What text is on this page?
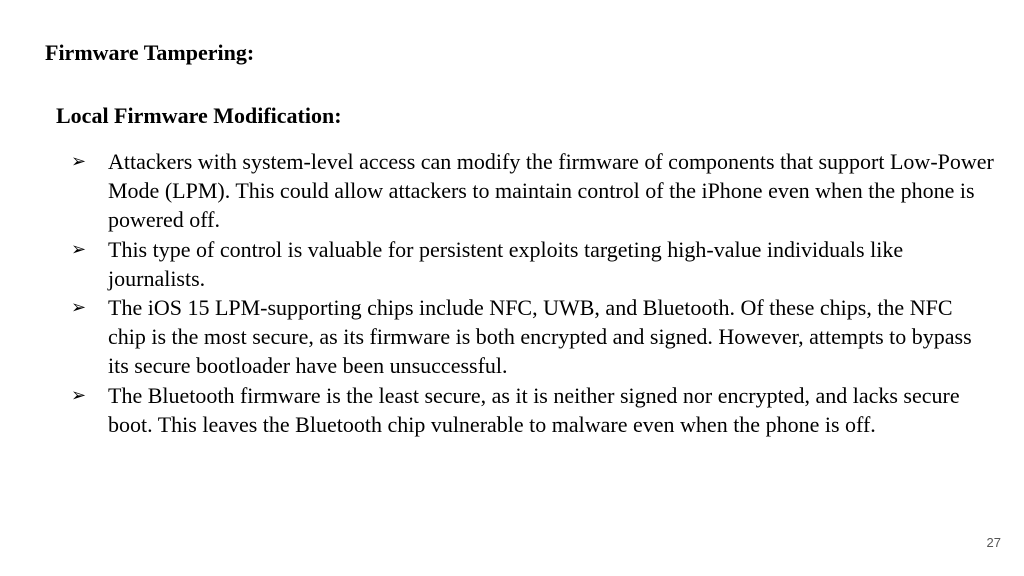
Firmware Tampering:
Local Firmware Modification:
➢ Attackers with system-level access can modify the firmware of components that support Low-Power Mode (LPM). This could allow attackers to maintain control of the iPhone even when the phone is powered off.
➢ This type of control is valuable for persistent exploits targeting high-value individuals like journalists.
➢ The iOS 15 LPM-supporting chips include NFC, UWB, and Bluetooth. Of these chips, the NFC chip is the most secure, as its firmware is both encrypted and signed. However, attempts to bypass its secure bootloader have been unsuccessful.
➢ The Bluetooth firmware is the least secure, as it is neither signed nor encrypted, and lacks secure boot. This leaves the Bluetooth chip vulnerable to malware even when the phone is off.
27
